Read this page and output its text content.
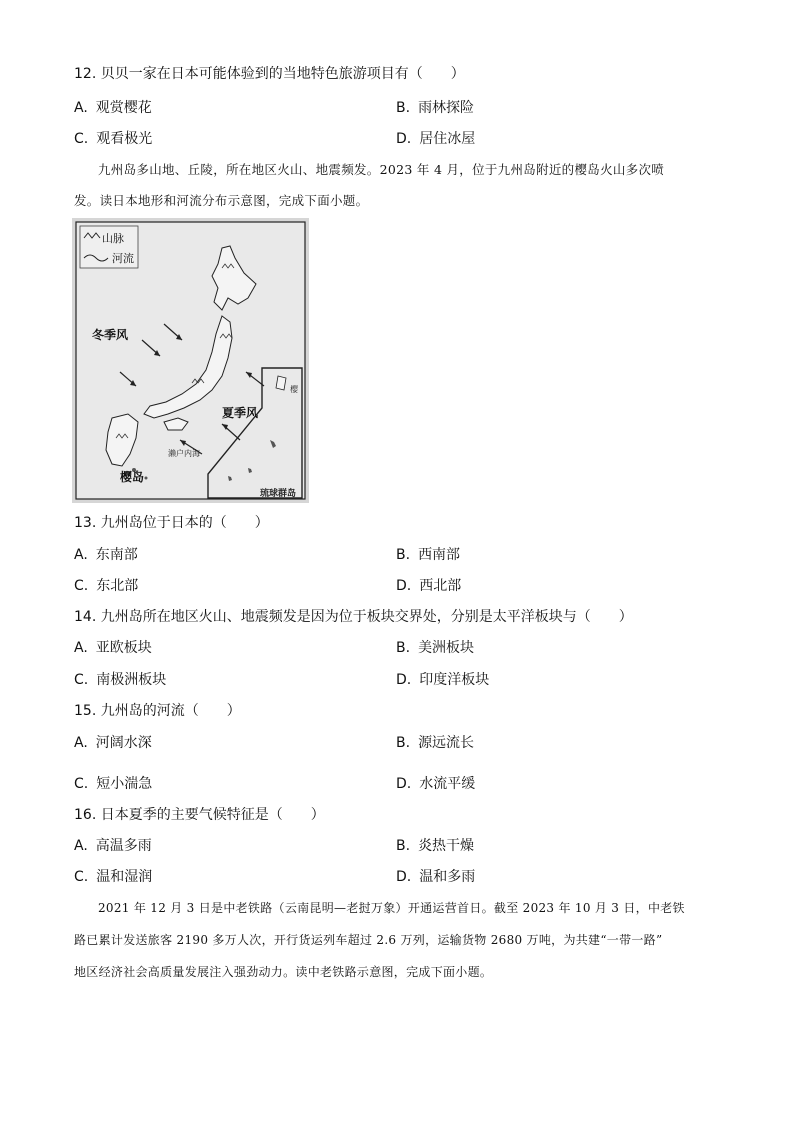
12. 贝贝一家在日本可能体验到的当地特色旅游项目有（　　）
A. 观赏樱花	B. 雨林探险
C. 观看极光	D. 居住冰屋
九州岛多山地、丘陵，所在地区火山、地震频发。2023 年 4 月，位于九州岛附近的樱岛火山多次喷
发。读日本地形和河流分布示意图，完成下面小题。
山脉
河流
冬季风
夏季风
樱岛
濑户内海
琉球群岛
樱
13. 九州岛位于日本的（　　）
A. 东南部	B. 西南部
C. 东北部	D. 西北部
14. 九州岛所在地区火山、地震频发是因为位于板块交界处，分别是太平洋板块与（　　）
A. 亚欧板块	B. 美洲板块
C. 南极洲板块	D. 印度洋板块
15. 九州岛的河流（　　）
A. 河阔水深	B. 源远流长
C. 短小湍急	D. 水流平缓
16. 日本夏季的主要气候特征是（　　）
A. 高温多雨	B. 炎热干燥
C. 温和湿润	D. 温和多雨
2021 年 12 月 3 日是中老铁路（云南昆明—老挝万象）开通运营首日。截至 2023 年 10 月 3 日，中老铁
路已累计发送旅客 2190 多万人次，开行货运列车超过 2.6 万列，运输货物 2680 万吨，为共建“一带一路”
地区经济社会高质量发展注入强劲动力。读中老铁路示意图，完成下面小题。
